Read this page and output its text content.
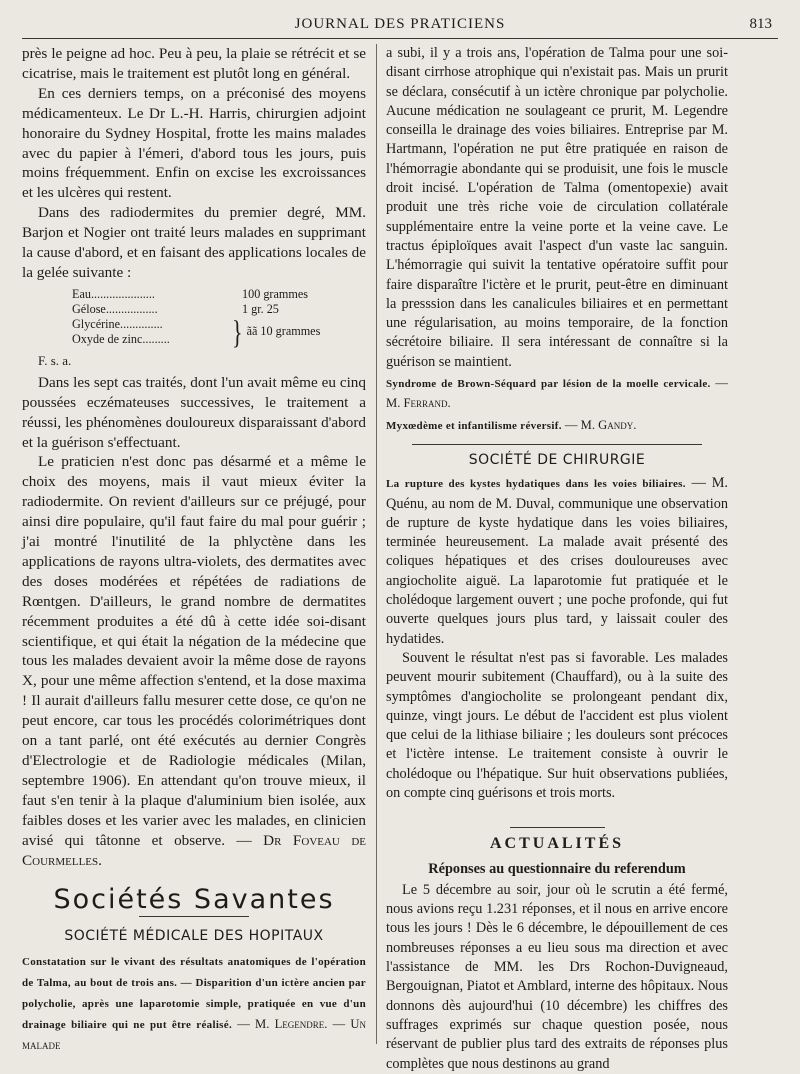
JOURNAL DES PRATICIENS	813

près le peigne ad hoc. Peu à peu, la plaie se rétrécit et se cicatrise, mais le traitement est plutôt long en général.

En ces derniers temps, on a préconisé des moyens médicamenteux. Le Dr L.-H. Harris, chirurgien adjoint honoraire du Sydney Hospital, frotte les mains malades avec du papier à l'émeri, d'abord tous les jours, puis moins fréquemment. Enfin on excise les excroissances et les ulcères qui restent.

Dans des radiodermites du premier degré, MM. Barjon et Nogier ont traité leurs malades en supprimant la cause d'abord, et en faisant des applications locales de la gelée suivante :

Eau.....................	100 grammes
Gélose.................	1 gr. 25
Glycérine..............
Oxyde de zinc.........	} ãã 10 grammes
F. s. a.

Dans les sept cas traités, dont l'un avait même eu cinq poussées eczémateuses successives, le traitement a réussi, les phénomènes douloureux disparaissant d'abord et la guérison s'effectuant.

Le praticien n'est donc pas désarmé et a même le choix des moyens, mais il vaut mieux éviter la radiodermite. On revient d'ailleurs sur ce préjugé, pour ainsi dire populaire, qu'il faut faire du mal pour guérir ; j'ai montré l'inutilité de la phlyctène dans les applications de rayons ultra-violets, des dermatites avec des doses modérées et répétées de radiations de Rœntgen. D'ailleurs, le grand nombre de dermatites récemment produites a été dû à cette idée soi-disant scientifique, et qui était la négation de la médecine que tous les malades devaient avoir la même dose de rayons X, pour une même affection s'entend, et la dose maxima ! Il aurait d'ailleurs fallu mesurer cette dose, ce qu'on ne peut encore, car tous les procédés colorimétriques dont on a tant parlé, ont été exécutés au dernier Congrès d'Electrologie et de Radiologie médicales (Milan, septembre 1906). En attendant qu'on trouve mieux, il faut s'en tenir à la plaque d'aluminium bien isolée, aux faibles doses et les varier avec les malades, en clinicien avisé qui tâtonne et observe. — Dr Foveau de Courmelles.

Sociétés Savantes
SOCIÉTÉ MÉDICALE DES HOPITAUX

Constatation sur le vivant des résultats anatomiques de l'opération de Talma, au bout de trois ans. — Disparition d'un ictère ancien par polycholie, après une laparotomie simple, pratiquée en vue d'un drainage biliaire qui ne put être réalisé. — M. Legendre. — Un malade

a subi, il y a trois ans, l'opération de Talma pour une soi-disant cirrhose atrophique qui n'existait pas. Mais un prurit se déclara, consécutif à un ictère chronique par polycholie. Aucune médication ne soulageant ce prurit, M. Legendre conseilla le drainage des voies biliaires. Entreprise par M. Hartmann, l'opération ne put être pratiquée en raison de l'hémorragie abondante qui se produisit, une fois le muscle droit incisé. L'opération de Talma (omentopexie) avait produit une très riche voie de circulation collatérale supplémentaire entre la veine porte et la veine cave. Le tractus épiploïques avait l'aspect d'un vaste lac sanguin. L'hémorragie qui suivit la tentative opératoire suffit pour faire disparaître l'ictère et le prurit, peut-être en diminuant la presssion dans les canalicules biliaires et en permettant une régularisation, au moins temporaire, de la fonction sécrétoire biliaire. Il sera intéressant de connaître si la guérison se maintient.

Syndrome de Brown-Séquard par lésion de la moelle cervicale. — M. Ferrand.

Myxœdème et infantilisme réversif. — M. Gandy.

SOCIÉTÉ DE CHIRURGIE

La rupture des kystes hydatiques dans les voies biliaires. — M. Quénu, au nom de M. Duval, communique une observation de rupture de kyste hydatique dans les voies biliaires, terminée heureusement. La malade avait présenté des coliques hépatiques et des crises douloureuses avec angiocholite aiguë. La laparotomie fut pratiquée et le cholédoque largement ouvert ; une poche profonde, qui fut ouverte quelques jours plus tard, y laissait couler des hydatides.

Souvent le résultat n'est pas si favorable. Les malades peuvent mourir subitement (Chauffard), ou à la suite des symptômes d'angiocholite se prolongeant pendant dix, quinze, vingt jours. Le début de l'accident est plus violent que celui de la lithiase biliaire ; les douleurs sont précoces et l'ictère intense. Le traitement consiste à ouvrir le cholédoque ou l'hépatique. Sur huit observations publiées, on compte cinq guérisons et trois morts.

ACTUALITÉS
Réponses au questionnaire du referendum

Le 5 décembre au soir, jour où le scrutin a été fermé, nous avions reçu 1.231 réponses, et il nous en arrive encore tous les jours ! Dès le 6 décembre, le dépouillement de ces nombreuses réponses a eu lieu sous ma direction et avec l'assistance de MM. les Drs Rochon-Duvigneaud, Bergouignan, Piatot et Amblard, interne des hôpitaux. Nous donnons dès aujourd'hui (10 décembre) les chiffres des suffrages exprimés sur chaque question posée, nous réservant de publier plus tard des extraits de réponses plus complètes que nous destinons au grand
